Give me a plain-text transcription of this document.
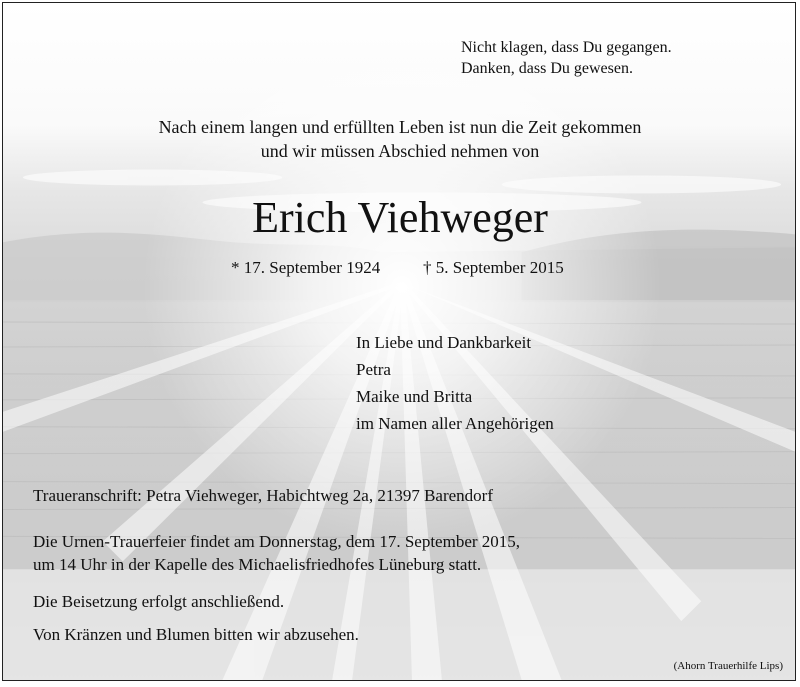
Nicht klagen, dass Du gegangen.
Danken, dass Du gewesen.
Nach einem langen und erfüllten Leben ist nun die Zeit gekommen
und wir müssen Abschied nehmen von
Erich Viehweger
* 17. September 1924	† 5. September 2015
In Liebe und Dankbarkeit
Petra
Maike und Britta
im Namen aller Angehörigen
Traueranschrift: Petra Viehweger, Habichtweg 2a, 21397 Barendorf
Die Urnen-Trauerfeier findet am Donnerstag, dem 17. September 2015,
um 14 Uhr in der Kapelle des Michaelisfriedhofes Lüneburg statt.
Die Beisetzung erfolgt anschließend.
Von Kränzen und Blumen bitten wir abzusehen.
(Ahorn Trauerhilfe Lips)
